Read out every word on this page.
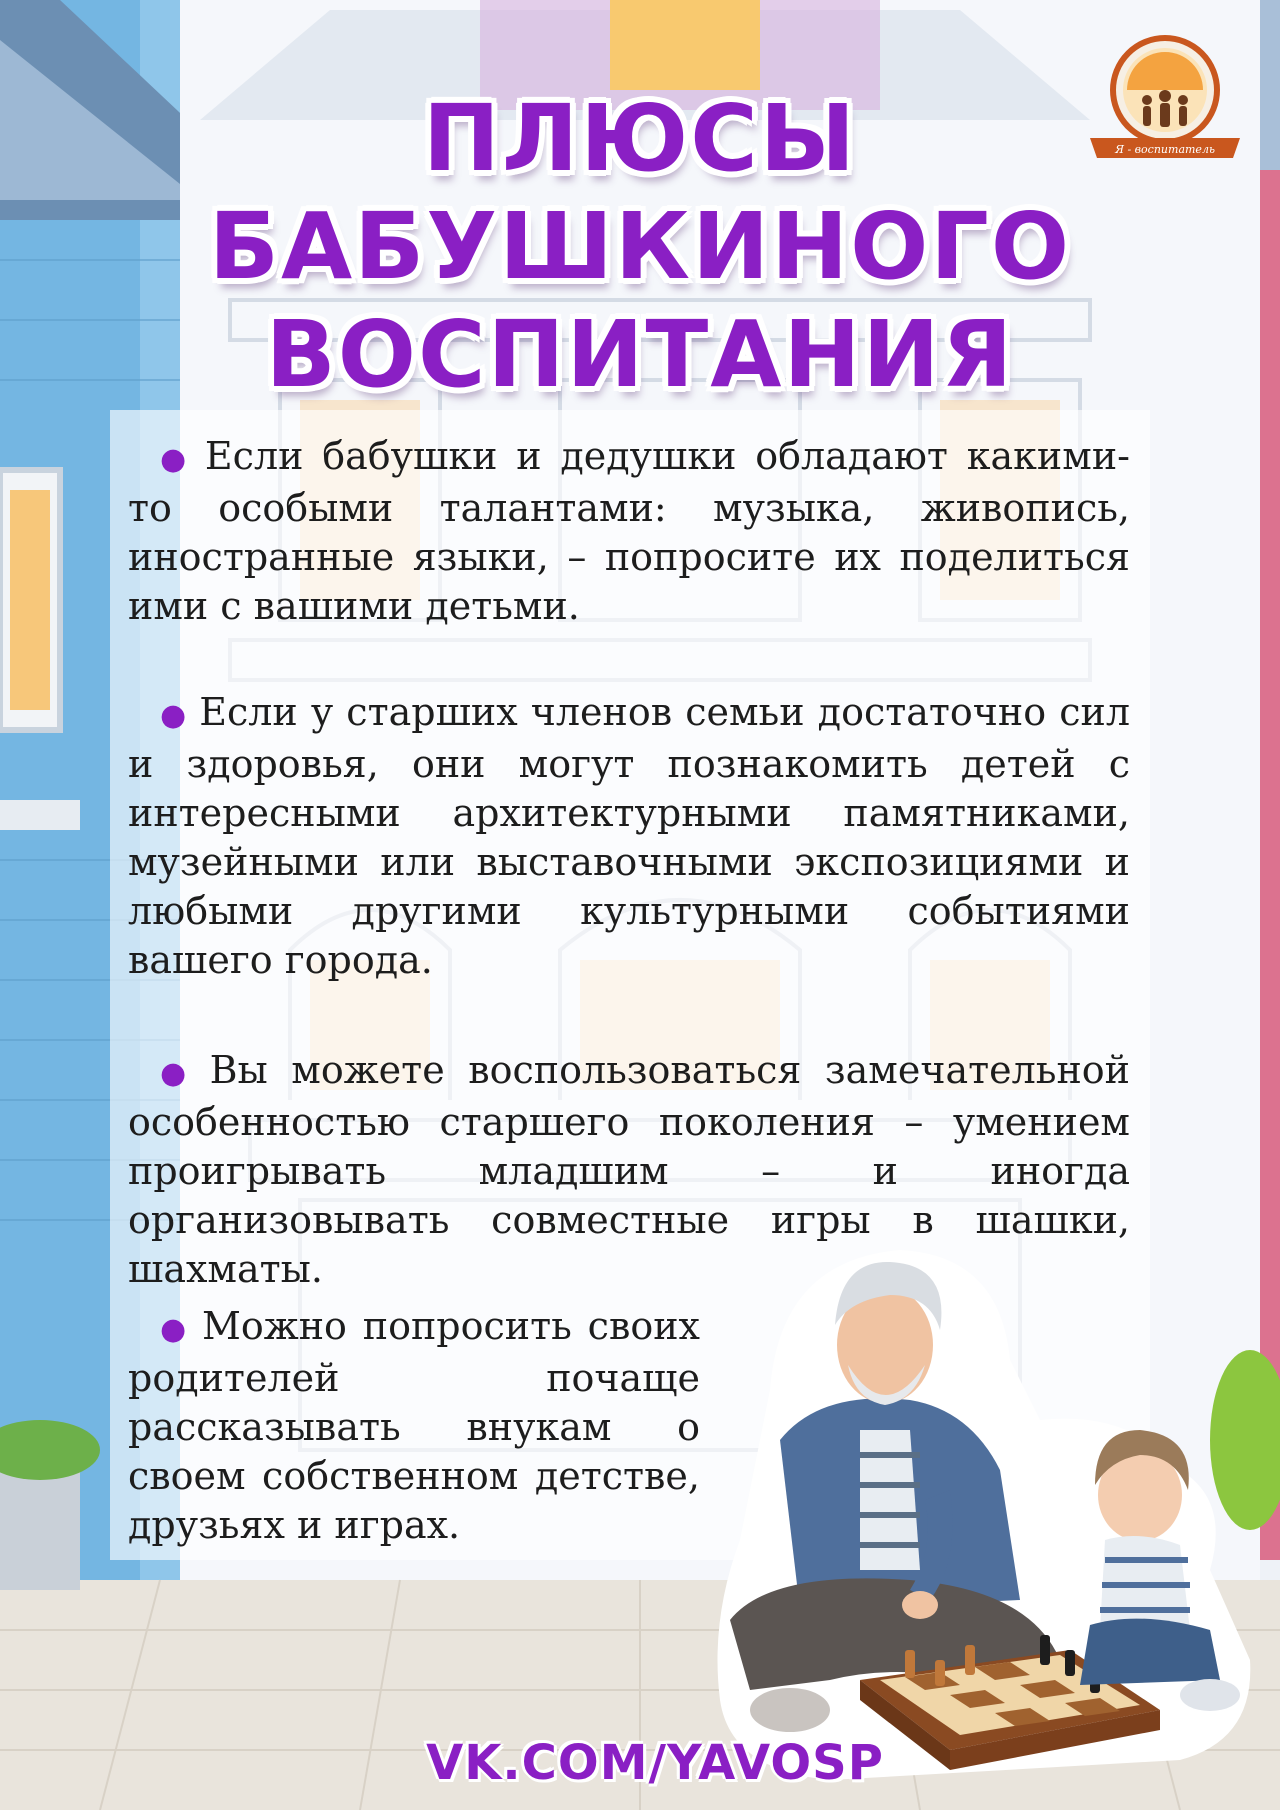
Я - воспитатель
ПЛЮСЫ
БАБУШКИНОГО
ВОСПИТАНИЯ

● Если бабушки и дедушки обладают какими-то особыми талантами: музыка, живопись, иностранные языки, – попросите их поделиться ими с вашими детьми.

● Если у старших членов семьи достаточно сил и здоровья, они могут познакомить детей с интересными архитектурными памятниками, музейными или выставочными экспозициями и любыми другими культурными событиями вашего города.

● Вы можете воспользоваться замечательной особенностью старшего поколения – умением проигрывать младшим – и иногда организовывать совместные игры в шашки, шахматы.

● Можно попросить своих родителей почаще рассказывать внукам о своем собственном детстве, друзьях и играх.

VK.COM/YAVOSP
